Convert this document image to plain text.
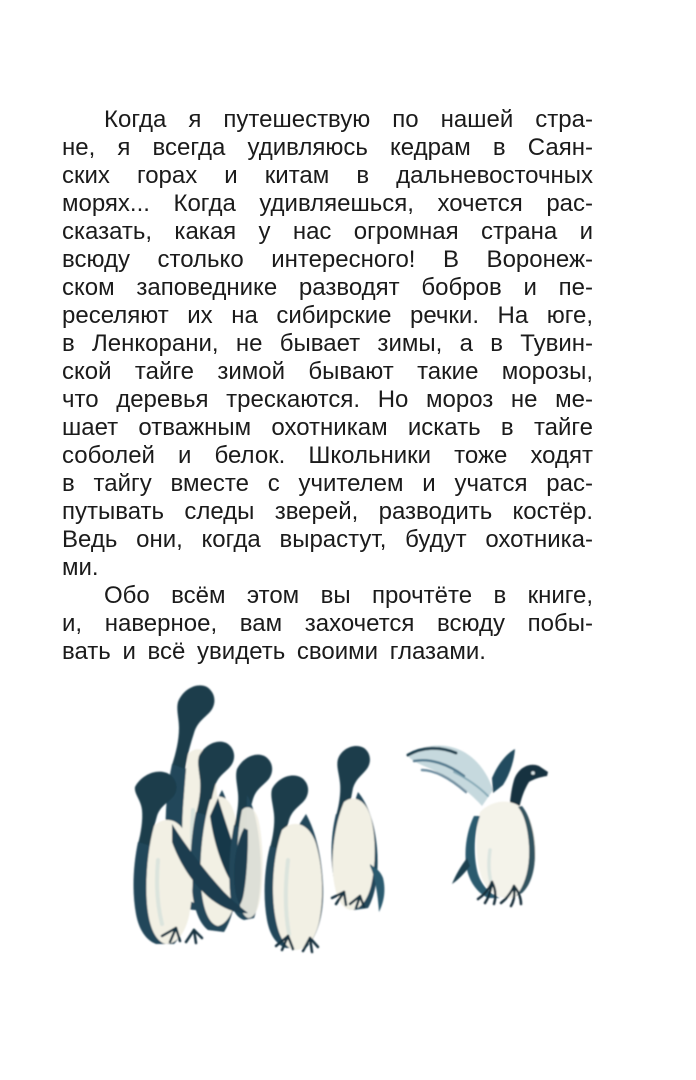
Когда я путешествую по нашей стра-
не, я всегда удивляюсь кедрам в Саян-
ских горах и китам в дальневосточных
морях... Когда удивляешься, хочется рас-
сказать, какая у нас огромная страна и
всюду столько интересного! В Воронеж-
ском заповеднике разводят бобров и пе-
реселяют их на сибирские речки. На юге,
в Ленкорани, не бывает зимы, а в Тувин-
ской тайге зимой бывают такие морозы,
что деревья трескаются. Но мороз не ме-
шает отважным охотникам искать в тайге
соболей и белок. Школьники тоже ходят
в тайгу вместе с учителем и учатся рас-
путывать следы зверей, разводить костёр.
Ведь они, когда вырастут, будут охотника-
ми.
Обо всём этом вы прочтёте в книге,
и, наверное, вам захочется всюду побы-
вать и всё увидеть своими глазами.
